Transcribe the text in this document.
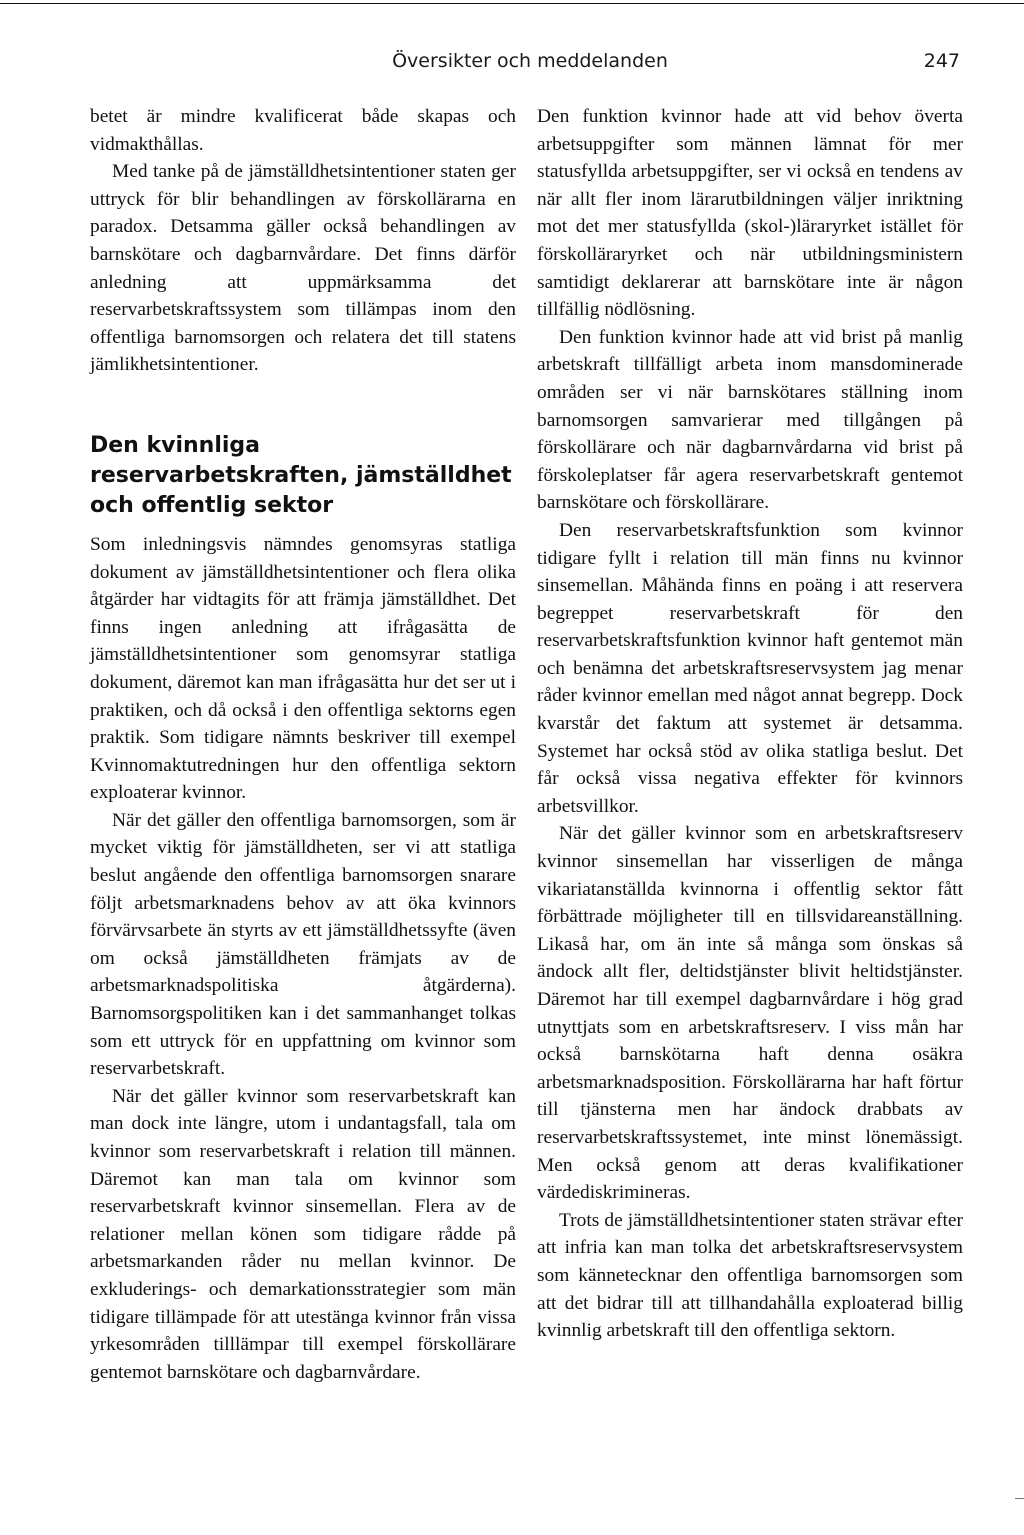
Översikter och meddelanden	247

betet är mindre kvalificerat både skapas och vidmakthållas.

Med tanke på de jämställdhetsintentioner staten ger uttryck för blir behandlingen av förskollärarna en paradox. Detsamma gäller också behandlingen av barnskötare och dagbarnvårdare. Det finns därför anledning att uppmärksamma det reservarbetskraftssystem som tillämpas inom den offentliga barnomsorgen och relatera det till statens jämlikhetsintentioner.

Den kvinnliga reservarbetskraften, jämställdhet och offentlig sektor

Som inledningsvis nämndes genomsyras statliga dokument av jämställdhetsintentioner och flera olika åtgärder har vidtagits för att främja jämställdhet. Det finns ingen anledning att ifrågasätta de jämställdhetsintentioner som genomsyrar statliga dokument, däremot kan man ifrågasätta hur det ser ut i praktiken, och då också i den offentliga sektorns egen praktik. Som tidigare nämnts beskriver till exempel Kvinnomaktutredningen hur den offentliga sektorn exploaterar kvinnor.

När det gäller den offentliga barnomsorgen, som är mycket viktig för jämställdheten, ser vi att statliga beslut angående den offentliga barnomsorgen snarare följt arbetsmarknadens behov av att öka kvinnors förvärvsarbete än styrts av ett jämställdhetssyfte (även om också jämställdheten främjats av de arbetsmarknadspolitiska åtgärderna). Barnomsorgspolitiken kan i det sammanhanget tolkas som ett uttryck för en uppfattning om kvinnor som reservarbetskraft.

När det gäller kvinnor som reservarbetskraft kan man dock inte längre, utom i undantagsfall, tala om kvinnor som reservarbetskraft i relation till männen. Däremot kan man tala om kvinnor som reservarbetskraft kvinnor sinsemellan. Flera av de relationer mellan könen som tidigare rådde på arbetsmarkanden råder nu mellan kvinnor. De exkluderings- och demarkationsstrategier som män tidigare tillämpade för att utestänga kvinnor från vissa yrkesområden tilllämpar till exempel förskollärare gentemot barnskötare och dagbarnvårdare.

Den funktion kvinnor hade att vid behov överta arbetsuppgifter som männen lämnat för mer statusfyllda arbetsuppgifter, ser vi också en tendens av när allt fler inom lärarutbildningen väljer inriktning mot det mer statusfyllda (skol-)läraryrket istället för förskolläraryrket och när utbildningsministern samtidigt deklarerar att barnskötare inte är någon tillfällig nödlösning.

Den funktion kvinnor hade att vid brist på manlig arbetskraft tillfälligt arbeta inom mansdominerade områden ser vi när barnskötares ställning inom barnomsorgen samvarierar med tillgången på förskollärare och när dagbarnvårdarna vid brist på förskoleplatser får agera reservarbetskraft gentemot barnskötare och förskollärare.

Den reservarbetskraftsfunktion som kvinnor tidigare fyllt i relation till män finns nu kvinnor sinsemellan. Måhända finns en poäng i att reservera begreppet reservarbetskraft för den reservarbetskraftsfunktion kvinnor haft gentemot män och benämna det arbetskraftsreservsystem jag menar råder kvinnor emellan med något annat begrepp. Dock kvarstår det faktum att systemet är detsamma. Systemet har också stöd av olika statliga beslut. Det får också vissa negativa effekter för kvinnors arbetsvillkor.

När det gäller kvinnor som en arbetskraftsreserv kvinnor sinsemellan har visserligen de många vikariatanställda kvinnorna i offentlig sektor fått förbättrade möjligheter till en tillsvidareanställning. Likaså har, om än inte så många som önskas så ändock allt fler, deltidstjänster blivit heltidstjänster. Däremot har till exempel dagbarnvårdare i hög grad utnyttjats som en arbetskraftsreserv. I viss mån har också barnskötarna haft denna osäkra arbetsmarknadsposition. Förskollärarna har haft förtur till tjänsterna men har ändock drabbats av reservarbetskraftssystemet, inte minst lönemässigt. Men också genom att deras kvalifikationer värdediskrimineras.

Trots de jämställdhetsintentioner staten strävar efter att infria kan man tolka det arbetskraftsreservsystem som kännetecknar den offentliga barnomsorgen som att det bidrar till att tillhandahålla exploaterad billig kvinnlig arbetskraft till den offentliga sektorn.
